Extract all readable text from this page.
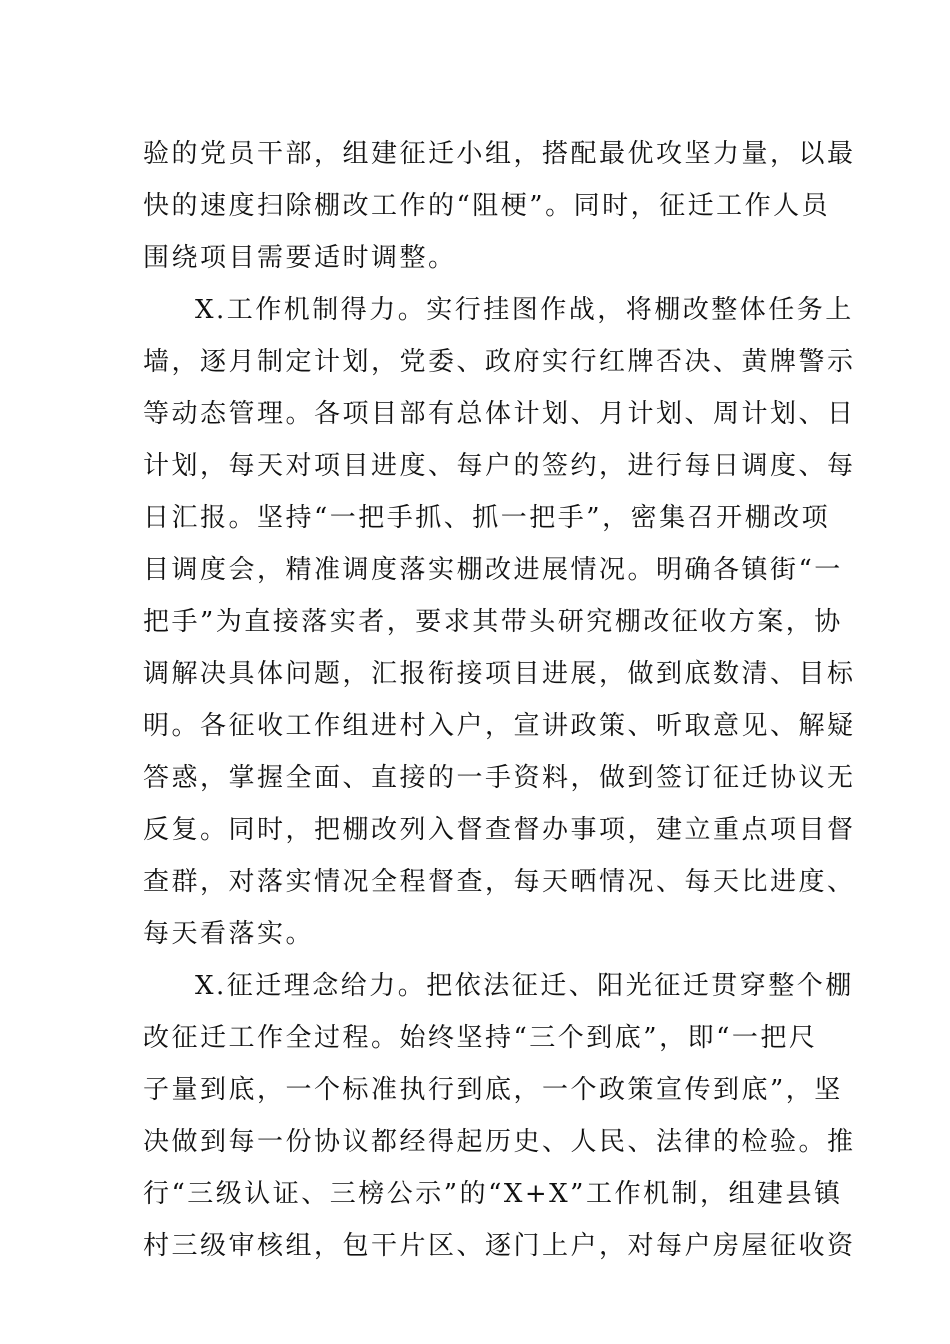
验的党员干部，组建征迁小组，搭配最优攻坚力量，以最
快的速度扫除棚改工作的“阻梗”。同时，征迁工作人员
围绕项目需要适时调整。
X.工作机制得力。实行挂图作战，将棚改整体任务上
墙，逐月制定计划，党委、政府实行红牌否决、黄牌警示
等动态管理。各项目部有总体计划、月计划、周计划、日
计划，每天对项目进度、每户的签约，进行每日调度、每
日汇报。坚持“一把手抓、抓一把手”，密集召开棚改项
目调度会，精准调度落实棚改进展情况。明确各镇街“一
把手”为直接落实者，要求其带头研究棚改征收方案，协
调解决具体问题，汇报衔接项目进展，做到底数清、目标
明。各征收工作组进村入户，宣讲政策、听取意见、解疑
答惑，掌握全面、直接的一手资料，做到签订征迁协议无
反复。同时，把棚改列入督查督办事项，建立重点项目督
查群，对落实情况全程督查，每天晒情况、每天比进度、
每天看落实。
X.征迁理念给力。把依法征迁、阳光征迁贯穿整个棚
改征迁工作全过程。始终坚持“三个到底”，即“一把尺
子量到底，一个标准执行到底，一个政策宣传到底”，坚
决做到每一份协议都经得起历史、人民、法律的检验。推
行“三级认证、三榜公示”的“X+X”工作机制，组建县镇
村三级审核组，包干片区、逐门上户，对每户房屋征收资
